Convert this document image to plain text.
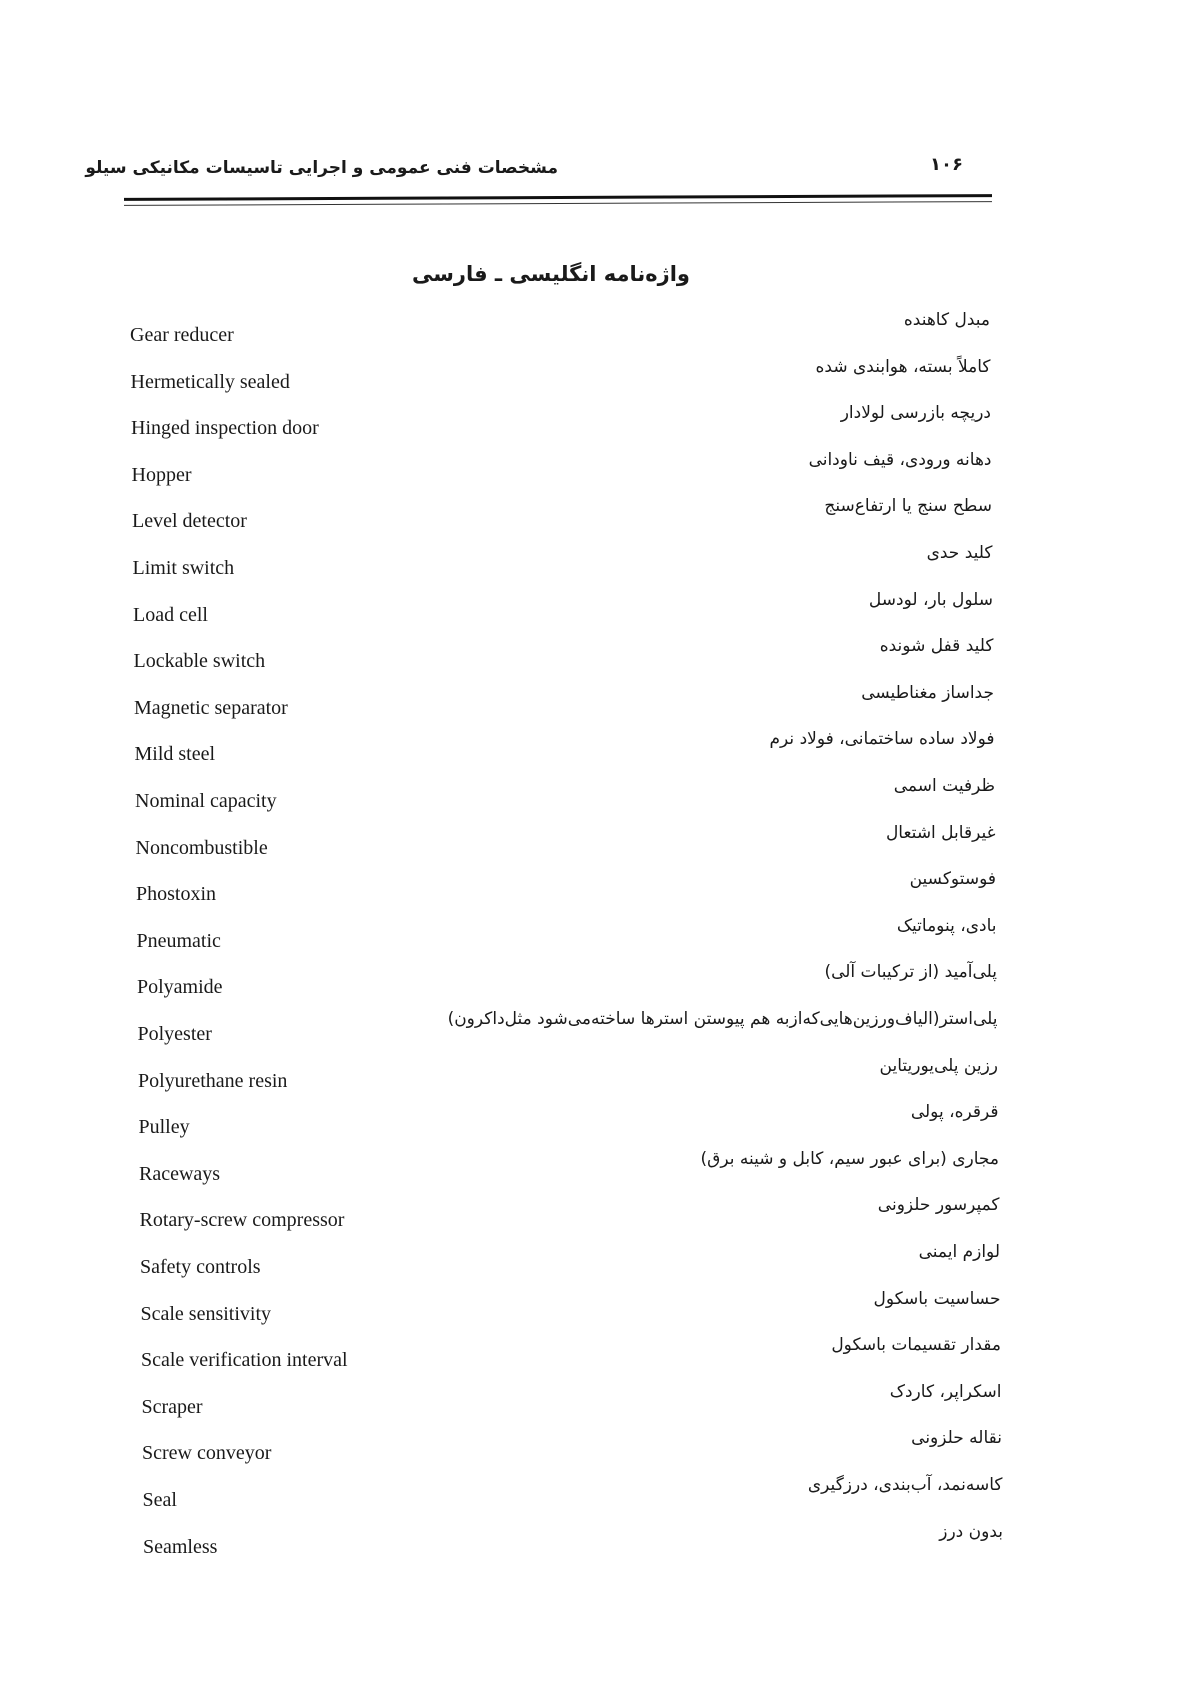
مشخصات فنی عمومی و اجرایی تاسیسات مکانیکی سیلو	۱۰۶
واژه‌نامه انگلیسی ـ فارسی
Gear reducer
مبدل کاهنده
Hermetically sealed
کاملاً بسته، هوابندی شده
Hinged inspection door
دریچه بازرسی لولادار
Hopper
دهانه ورودی، قیف ناودانی
Level detector
سطح سنج یا ارتفاع‌سنج
Limit switch
کلید حدی
Load cell
سلول بار، لودسل
Lockable switch
کلید قفل شونده
Magnetic separator
جداساز مغناطیسی
Mild steel
فولاد ساده ساختمانی، فولاد نرم
Nominal capacity
ظرفیت اسمی
Noncombustible
غیرقابل اشتعال
Phostoxin
فوستوکسین
Pneumatic
بادی، پنوماتیک
Polyamide
پلی‌آمید (از ترکیبات آلی)
Polyester
پلی‌استر(الیاف‌ورزین‌هایی‌که‌ازبه هم پیوستن استرها ساخته‌می‌شود مثل‌داکرون)
Polyurethane resin
رزین پلی‌یوریتاین
Pulley
قرقره، پولی
Raceways
مجاری (برای عبور سیم، کابل و شینه برق)
Rotary-screw compressor
کمپرسور حلزونی
Safety controls
لوازم ایمنی
Scale sensitivity
حساسیت باسکول
Scale verification interval
مقدار تقسیمات باسکول
Scraper
اسکراپر، کاردک
Screw conveyor
نقاله حلزونی
Seal
کاسه‌نمد، آب‌بندی، درزگیری
Seamless
بدون درز
